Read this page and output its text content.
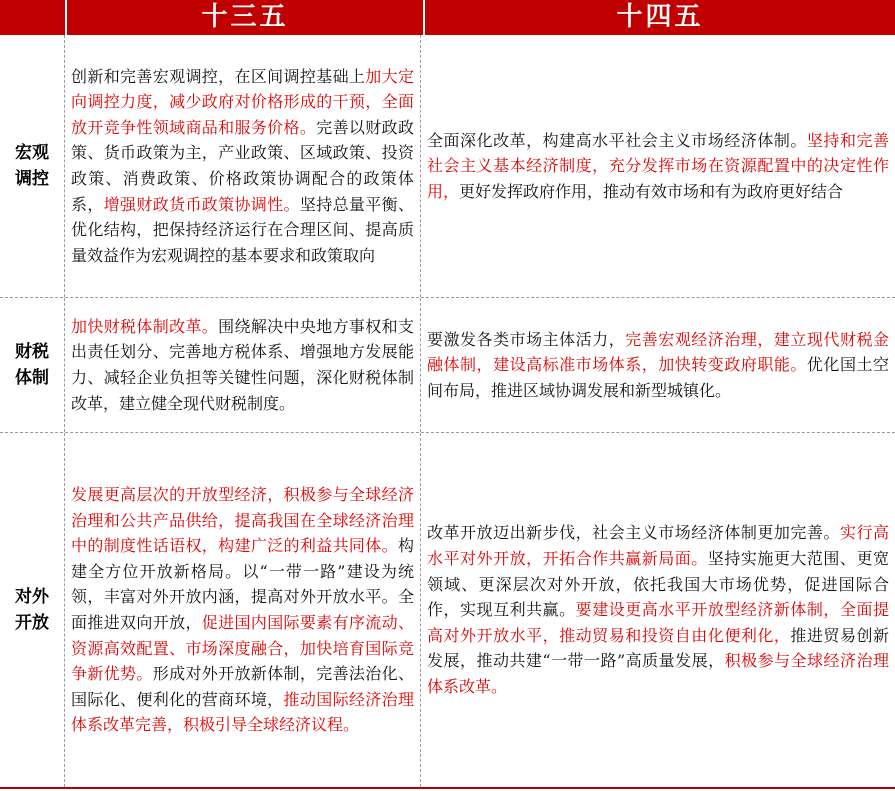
十三五	十四五
宏观调控

创新和完善宏观调控，在区间调控基础上加大定向调控力度，减少政府对价格形成的干预，全面放开竞争性领域商品和服务价格。完善以财政政策、货币政策为主，产业政策、区域政策、投资政策、消费政策、价格政策协调配合的政策体系，增强财政货币政策协调性。坚持总量平衡、优化结构，把保持经济运行在合理区间、提高质量效益作为宏观调控的基本要求和政策取向

全面深化改革，构建高水平社会主义市场经济体制。坚持和完善社会主义基本经济制度，充分发挥市场在资源配置中的决定性作用，更好发挥政府作用，推动有效市场和有为政府更好结合

财税体制

加快财税体制改革。围绕解决中央地方事权和支出责任划分、完善地方税体系、增强地方发展能力、减轻企业负担等关键性问题，深化财税体制改革，建立健全现代财税制度。

要激发各类市场主体活力，完善宏观经济治理，建立现代财税金融体制，建设高标准市场体系，加快转变政府职能。优化国土空间布局，推进区域协调发展和新型城镇化。

对外开放

发展更高层次的开放型经济，积极参与全球经济治理和公共产品供给，提高我国在全球经济治理中的制度性话语权，构建广泛的利益共同体。构建全方位开放新格局。以“一带一路”建设为统领，丰富对外开放内涵，提高对外开放水平。全面推进双向开放，促进国内国际要素有序流动、资源高效配置、市场深度融合，加快培育国际竞争新优势。形成对外开放新体制，完善法治化、国际化、便利化的营商环境，推动国际经济治理体系改革完善，积极引导全球经济议程。

改革开放迈出新步伐，社会主义市场经济体制更加完善。实行高水平对外开放，开拓合作共赢新局面。坚持实施更大范围、更宽领域、更深层次对外开放，依托我国大市场优势，促进国际合作，实现互利共赢。要建设更高水平开放型经济新体制，全面提高对外开放水平，推动贸易和投资自由化便利化，推进贸易创新发展，推动共建“一带一路”高质量发展，积极参与全球经济治理体系改革。
